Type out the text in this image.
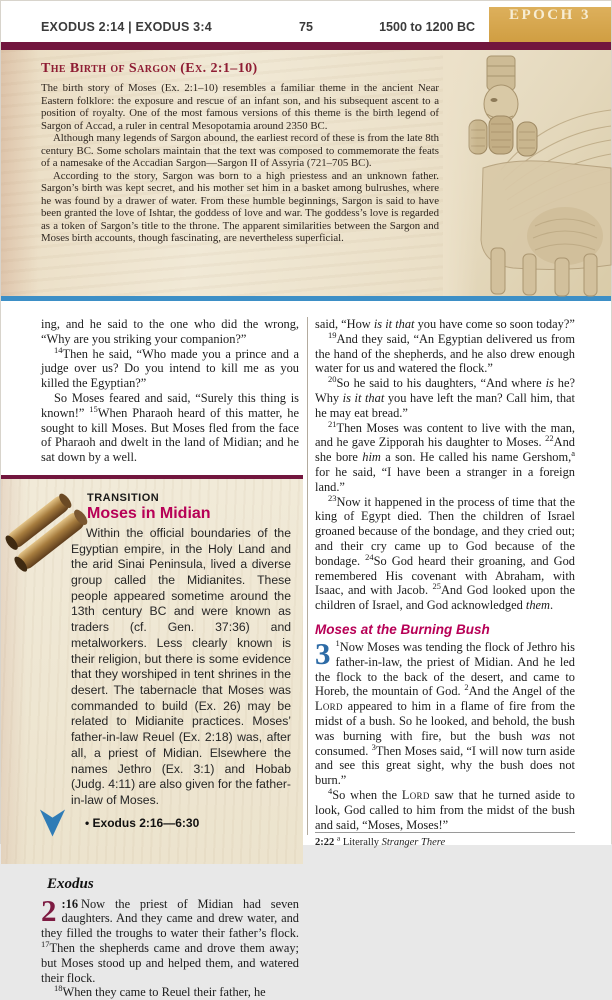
EXODUS 2:14 | EXODUS 3:4	75	1500 to 1200 BC
EPOCH 3
The Birth of Sargon (Ex. 2:1–10)

The birth story of Moses (Ex. 2:1–10) resembles a familiar theme in the ancient Near Eastern folklore: the exposure and rescue of an infant son, and his subsequent ascent to a position of royalty. One of the most famous versions of this theme is the birth legend of Sargon of Accad, a ruler in central Mesopotamia around 2350 BC.

Although many legends of Sargon abound, the earliest record of these is from the late 8th century BC. Some scholars maintain that the text was composed to commemorate the feats of a namesake of the Accadian Sargon—Sargon II of Assyria (721–705 BC).

According to the story, Sargon was born to a high priestess and an unknown father. Sargon’s birth was kept secret, and his mother set him in a basket among bulrushes, where he was found by a drawer of water. From these humble beginnings, Sargon is said to have been granted the love of Ishtar, the goddess of love and war. The goddess’s love is regarded as a token of Sargon’s title to the throne. The apparent similarities between the Sargon and Moses birth accounts, though fascinating, are nevertheless superficial.

ing, and he said to the one who did the wrong, “Why are you striking your companion?”

$^{14}$Then he said, “Who made you a prince and a judge over us? Do you intend to kill me as you killed the Egyptian?”

So Moses feared and said, “Surely this thing is known!” $^{15}$When Pharaoh heard of this matter, he sought to kill Moses. But Moses fled from the face of Pharaoh and dwelt in the land of Midian; and he sat down by a well.

TRANSITION
Moses in Midian

Within the official boundaries of the Egyptian empire, in the Holy Land and the arid Sinai Peninsula, lived a diverse group called the Midianites. These people appeared sometime around the 13th century BC and were known as traders (cf. Gen. 37:36) and metalworkers. Less clearly known is their religion, but there is some evidence that they worshiped in tent shrines in the desert. The tabernacle that Moses was commanded to build (Ex. 26) may be related to Midianite practices. Moses’ father-in-law Reuel (Ex. 2:18) was, after all, a priest of Midian. Elsewhere the names Jethro (Ex. 3:1) and Hobab (Judg. 4:11) are also given for the father-in-law of Moses.

• Exodus 2:16—6:30
Exodus

2 :16 Now the priest of Midian had seven daughters. And they came and drew water, and they filled the troughs to water their father’s flock. $^{17}$Then the shepherds came and drove them away; but Moses stood up and helped them, and watered their flock.

$^{18}$When they came to Reuel their father, he

said, “How is it that you have come so soon today?”

$^{19}$And they said, “An Egyptian delivered us from the hand of the shepherds, and he also drew enough water for us and watered the flock.”

$^{20}$So he said to his daughters, “And where is he? Why is it that you have left the man? Call him, that he may eat bread.”

$^{21}$Then Moses was content to live with the man, and he gave Zipporah his daughter to Moses. $^{22}$And she bore him a son. He called his name Gershom,$^a$ for he said, “I have been a stranger in a foreign land.”

$^{23}$Now it happened in the process of time that the king of Egypt died. Then the children of Israel groaned because of the bondage, and they cried out; and their cry came up to God because of the bondage. $^{24}$So God heard their groaning, and God remembered His covenant with Abraham, with Isaac, and with Jacob. $^{25}$And God looked upon the children of Israel, and God acknowledged them.

Moses at the Burning Bush

3 $^1$Now Moses was tending the flock of Jethro his father-in-law, the priest of Midian. And he led the flock to the back of the desert, and came to Horeb, the mountain of God. $^2$And the Angel of the Lord appeared to him in a flame of fire from the midst of a bush. So he looked, and behold, the bush was burning with fire, but the bush was not consumed. $^3$Then Moses said, “I will now turn aside and see this great sight, why the bush does not burn.”

$^4$So when the Lord saw that he turned aside to look, God called to him from the midst of the bush and said, “Moses, Moses!”

2:22 $^a$ Literally Stranger There
